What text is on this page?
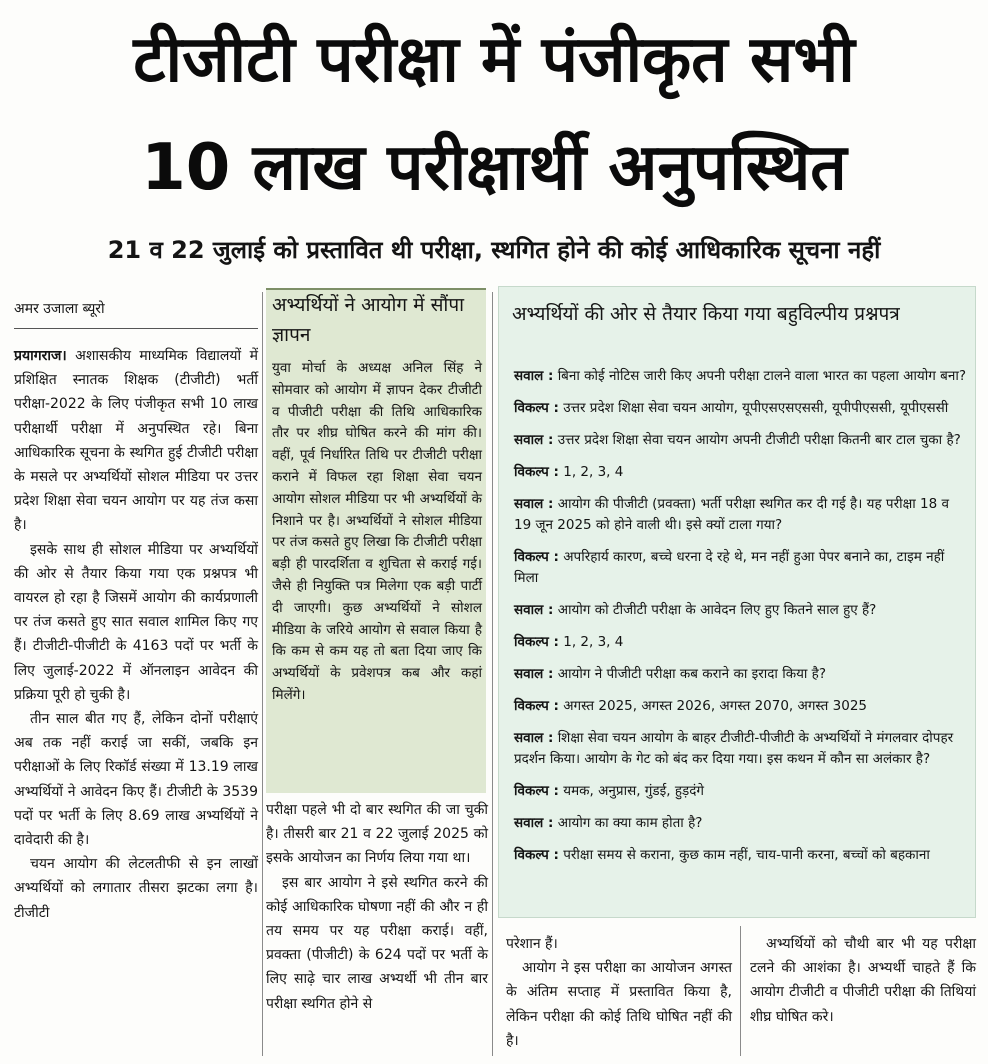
टीजीटी परीक्षा में पंजीकृत सभी
10 लाख परीक्षार्थी अनुपस्थित
21 व 22 जुलाई को प्रस्तावित थी परीक्षा, स्थगित होने की कोई आधिकारिक सूचना नहीं
अमर उजाला ब्यूरो

प्रयागराज। अशासकीय माध्यमिक विद्यालयों में प्रशिक्षित स्नातक शिक्षक (टीजीटी) भर्ती परीक्षा-2022 के लिए पंजीकृत सभी 10 लाख परीक्षार्थी परीक्षा में अनुपस्थित रहे। बिना आधिकारिक सूचना के स्थगित हुई टीजीटी परीक्षा के मसले पर अभ्यर्थियों सोशल मीडिया पर उत्तर प्रदेश शिक्षा सेवा चयन आयोग पर यह तंज कसा है।

इसके साथ ही सोशल मीडिया पर अभ्यर्थियों की ओर से तैयार किया गया एक प्रश्नपत्र भी वायरल हो रहा है जिसमें आयोग की कार्यप्रणाली पर तंज कसते हुए सात सवाल शामिल किए गए हैं। टीजीटी-पीजीटी के 4163 पदों पर भर्ती के लिए जुलाई-2022 में ऑनलाइन आवेदन की प्रक्रिया पूरी हो चुकी है।

तीन साल बीत गए हैं, लेकिन दोनों परीक्षाएं अब तक नहीं कराई जा सकीं, जबकि इन परीक्षाओं के लिए रिकॉर्ड संख्या में 13.19 लाख अभ्यर्थियों ने आवेदन किए हैं। टीजीटी के 3539 पदों पर भर्ती के लिए 8.69 लाख अभ्यर्थियों ने दावेदारी की है।

चयन आयोग की लेटलतीफी से इन लाखों अभ्यर्थियों को लगातार तीसरा झटका लगा है। टीजीटी

अभ्यर्थियों ने आयोग में सौंपा ज्ञापन
युवा मोर्चा के अध्यक्ष अनिल सिंह ने सोमवार को आयोग में ज्ञापन देकर टीजीटी व पीजीटी परीक्षा की तिथि आधिकारिक तौर पर शीघ्र घोषित करने की मांग की। वहीं, पूर्व निर्धारित तिथि पर टीजीटी परीक्षा कराने में विफल रहा शिक्षा सेवा चयन आयोग सोशल मीडिया पर भी अभ्यर्थियों के निशाने पर है। अभ्यर्थियों ने सोशल मीडिया पर तंज कसते हुए लिखा कि टीजीटी परीक्षा बड़ी ही पारदर्शिता व शुचिता से कराई गई। जैसे ही नियुक्ति पत्र मिलेगा एक बड़ी पार्टी दी जाएगी। कुछ अभ्यर्थियों ने सोशल मीडिया के जरिये आयोग से सवाल किया है कि कम से कम यह तो बता दिया जाए कि अभ्यर्थियों के प्रवेशपत्र कब और कहां मिलेंगे।

परीक्षा पहले भी दो बार स्थगित की जा चुकी है। तीसरी बार 21 व 22 जुलाई 2025 को इसके आयोजन का निर्णय लिया गया था।

इस बार आयोग ने इसे स्थगित करने की कोई आधिकारिक घोषणा नहीं की और न ही तय समय पर यह परीक्षा कराई। वहीं, प्रवक्ता (पीजीटी) के 624 पदों पर भर्ती के लिए साढ़े चार लाख अभ्यर्थी भी तीन बार परीक्षा स्थगित होने से

अभ्यर्थियों की ओर से तैयार किया गया बहुविल्पीय प्रश्नपत्र
सवाल : बिना कोई नोटिस जारी किए अपनी परीक्षा टालने वाला भारत का पहला आयोग बना?
विकल्प : उत्तर प्रदेश शिक्षा सेवा चयन आयोग, यूपीएसएसएससी, यूपीपीएससी, यूपीएससी
सवाल : उत्तर प्रदेश शिक्षा सेवा चयन आयोग अपनी टीजीटी परीक्षा कितनी बार टाल चुका है?
विकल्प : 1, 2, 3, 4
सवाल : आयोग की पीजीटी (प्रवक्ता) भर्ती परीक्षा स्थगित कर दी गई है। यह परीक्षा 18 व 19 जून 2025 को होने वाली थी। इसे क्यों टाला गया?
विकल्प : अपरिहार्य कारण, बच्चे धरना दे रहे थे, मन नहीं हुआ पेपर बनाने का, टाइम नहीं मिला
सवाल : आयोग को टीजीटी परीक्षा के आवेदन लिए हुए कितने साल हुए हैं?
विकल्प : 1, 2, 3, 4
सवाल : आयोग ने पीजीटी परीक्षा कब कराने का इरादा किया है?
विकल्प : अगस्त 2025, अगस्त 2026, अगस्त 2070, अगस्त 3025
सवाल : शिक्षा सेवा चयन आयोग के बाहर टीजीटी-पीजीटी के अभ्यर्थियों ने मंगलवार दोपहर प्रदर्शन किया। आयोग के गेट को बंद कर दिया गया। इस कथन में कौन सा अलंकार है?
विकल्प : यमक, अनुप्रास, गुंडई, हुड़दंगे
सवाल : आयोग का क्या काम होता है?
विकल्प : परीक्षा समय से कराना, कुछ काम नहीं, चाय-पानी करना, बच्चों को बहकाना

परेशान हैं।

आयोग ने इस परीक्षा का आयोजन अगस्त के अंतिम सप्ताह में प्रस्तावित किया है, लेकिन परीक्षा की कोई तिथि घोषित नहीं की है।

अभ्यर्थियों को चौथी बार भी यह परीक्षा टलने की आशंका है। अभ्यर्थी चाहते हैं कि आयोग टीजीटी व पीजीटी परीक्षा की तिथियां शीघ्र घोषित करे।
